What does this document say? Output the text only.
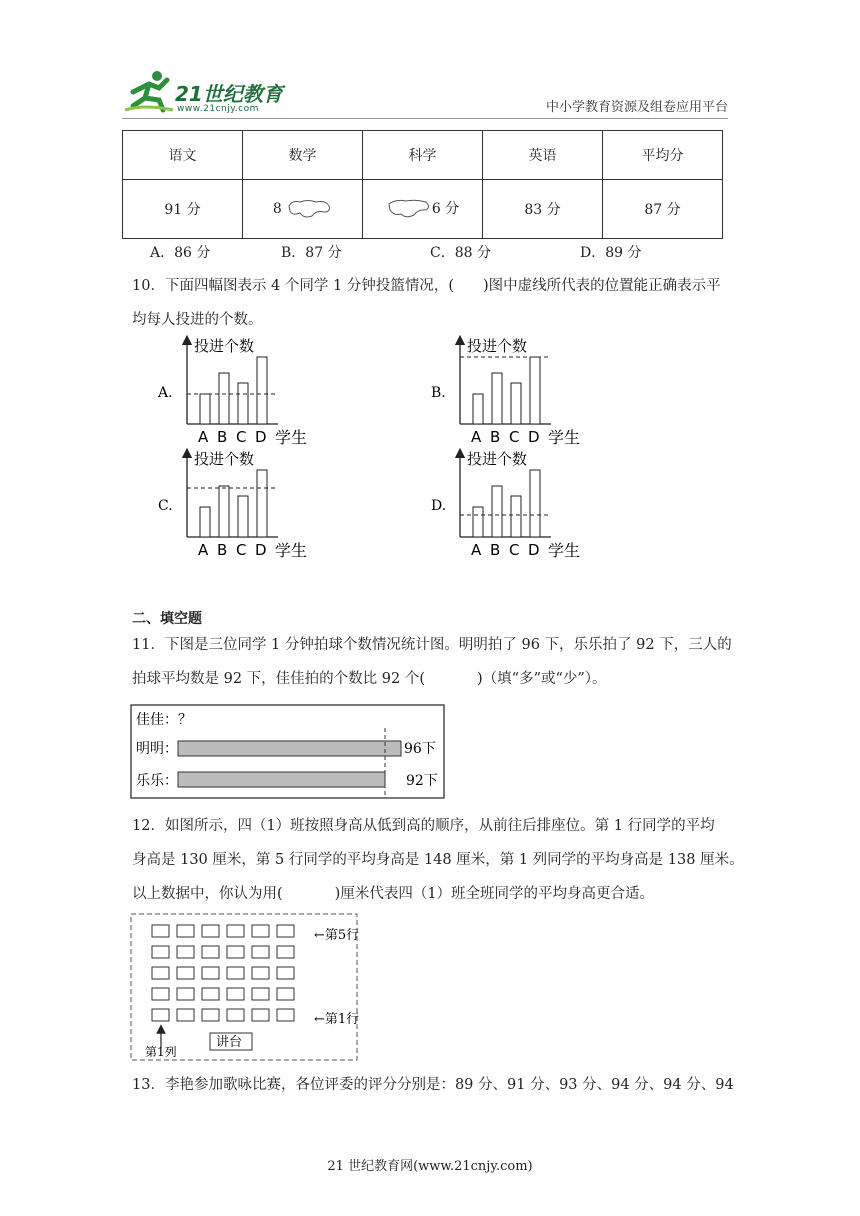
21世纪教育
www.21cnjy.com	中小学教育资源及组卷应用平台
语文	数学	科学	英语	平均分
91 分	8	6 分	83 分	87 分
A．86 分	B．87 分	C．88 分	D．89 分
10．下面四幅图表示 4 个同学 1 分钟投篮情况，(　　)图中虚线所代表的位置能正确表示平
均每人投进的个数。
A.
投进个数
A B C D 学生
B.
投进个数
A B C D 学生
C.
投进个数
A B C D 学生
D.
投进个数
A B C D 学生
二、填空题
11．下图是三位同学 1 分钟拍球个数情况统计图。明明拍了 96 下，乐乐拍了 92 下，三人的
拍球平均数是 92 下，佳佳拍的个数比 92 个(	)（填“多”或“少”）。
佳佳：？
明明：	96下
乐乐：	92下
12．如图所示，四（1）班按照身高从低到高的顺序，从前往后排座位。第 1 行同学的平均
身高是 130 厘米，第 5 行同学的平均身高是 148 厘米，第 1 列同学的平均身高是 138 厘米。
以上数据中，你认为用(	)厘米代表四（1）班全班同学的平均身高更合适。
←第5行
←第1行
第1列
讲台
13．李艳参加歌咏比赛，各位评委的评分分别是：89 分、91 分、93 分、94 分、94 分、94
21 世纪教育网(www.21cnjy.com)
